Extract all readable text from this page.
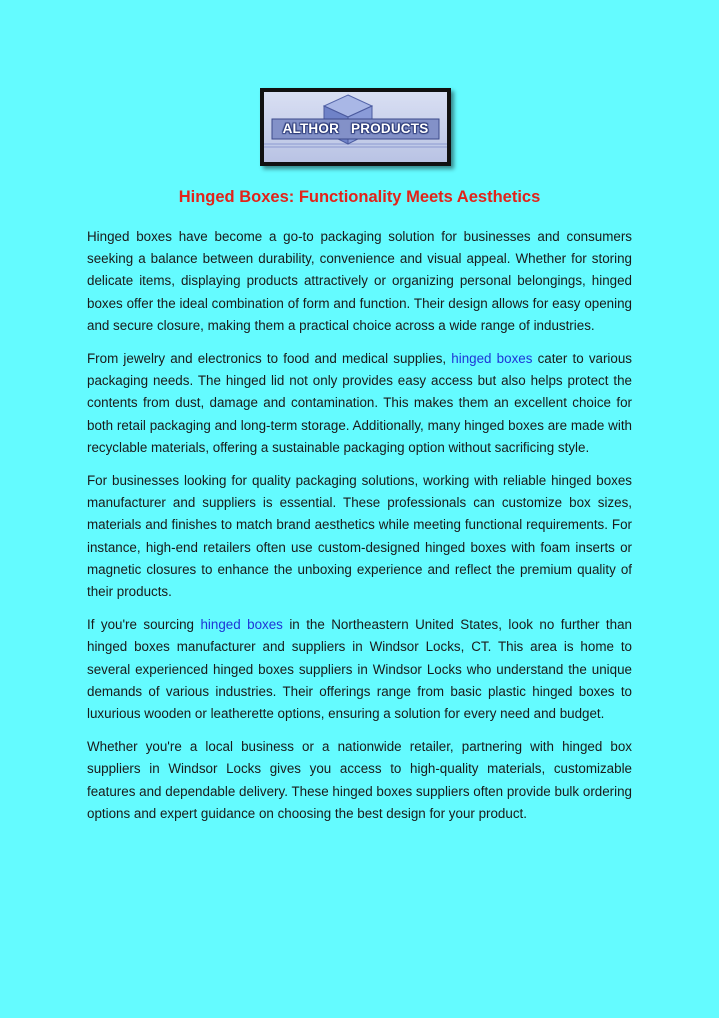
ALTHOR PRODUCTS
Hinged Boxes: Functionality Meets Aesthetics

Hinged boxes have become a go-to packaging solution for businesses and consumers seeking a balance between durability, convenience and visual appeal. Whether for storing delicate items, displaying products attractively or organizing personal belongings, hinged boxes offer the ideal combination of form and function. Their design allows for easy opening and secure closure, making them a practical choice across a wide range of industries.

From jewelry and electronics to food and medical supplies, hinged boxes cater to various packaging needs. The hinged lid not only provides easy access but also helps protect the contents from dust, damage and contamination. This makes them an excellent choice for both retail packaging and long-term storage. Additionally, many hinged boxes are made with recyclable materials, offering a sustainable packaging option without sacrificing style.

For businesses looking for quality packaging solutions, working with reliable hinged boxes manufacturer and suppliers is essential. These professionals can customize box sizes, materials and finishes to match brand aesthetics while meeting functional requirements. For instance, high-end retailers often use custom-designed hinged boxes with foam inserts or magnetic closures to enhance the unboxing experience and reflect the premium quality of their products.

If you're sourcing hinged boxes in the Northeastern United States, look no further than hinged boxes manufacturer and suppliers in Windsor Locks, CT. This area is home to several experienced hinged boxes suppliers in Windsor Locks who understand the unique demands of various industries. Their offerings range from basic plastic hinged boxes to luxurious wooden or leatherette options, ensuring a solution for every need and budget.

Whether you're a local business or a nationwide retailer, partnering with hinged box suppliers in Windsor Locks gives you access to high-quality materials, customizable features and dependable delivery. These hinged boxes suppliers often provide bulk ordering options and expert guidance on choosing the best design for your product.
